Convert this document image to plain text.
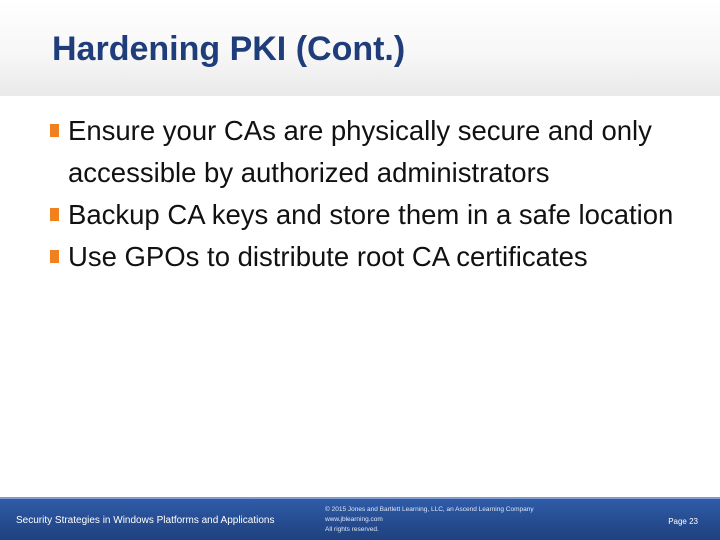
Hardening PKI (Cont.)
Ensure your CAs are physically secure and only accessible by authorized administrators
Backup CA keys and store them in a safe location
Use GPOs to distribute root CA certificates
Security Strategies in Windows Platforms and Applications
© 2015 Jones and Bartlett Learning, LLC, an Ascend Learning Company
www.jblearning.com
All rights reserved.
Page 23
